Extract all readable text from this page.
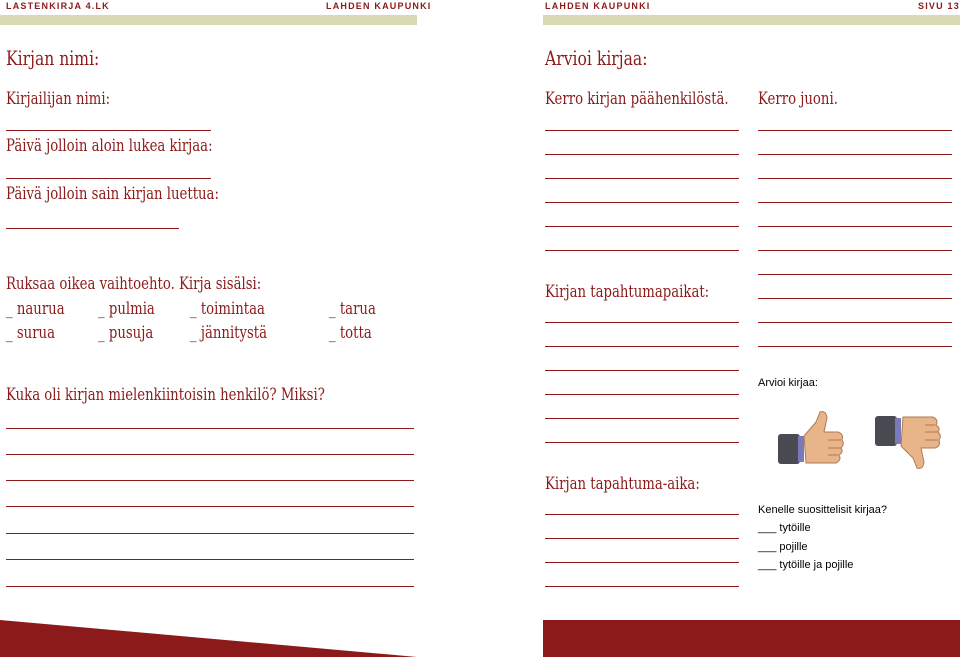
LASTENKIRJA 4.LK	LAHDEN KAUPUNKI	LAHDEN KAUPUNKI	SIVU 13
Kirjan nimi:
Kirjailijan nimi:
Päivä jolloin aloin lukea kirjaa:
Päivä jolloin sain kirjan luettua:
Ruksaa oikea vaihtoehto. Kirja sisälsi:
_ naurua	_ pulmia	_ toimintaa	_ tarua
_ surua	_ pusuja	_ jännitystä	_ totta
Kuka oli kirjan mielenkiintoisin henkilö? Miksi?
Arvioi kirjaa:
Kerro kirjan päähenkilöstä.	Kerro juoni.
Kirjan tapahtumapaikat:
Kirjan tapahtuma-aika:
Arvioi kirjaa:
Kenelle suosittelisit kirjaa?
___ tytöille
___ pojille
___ tytöille ja pojille
